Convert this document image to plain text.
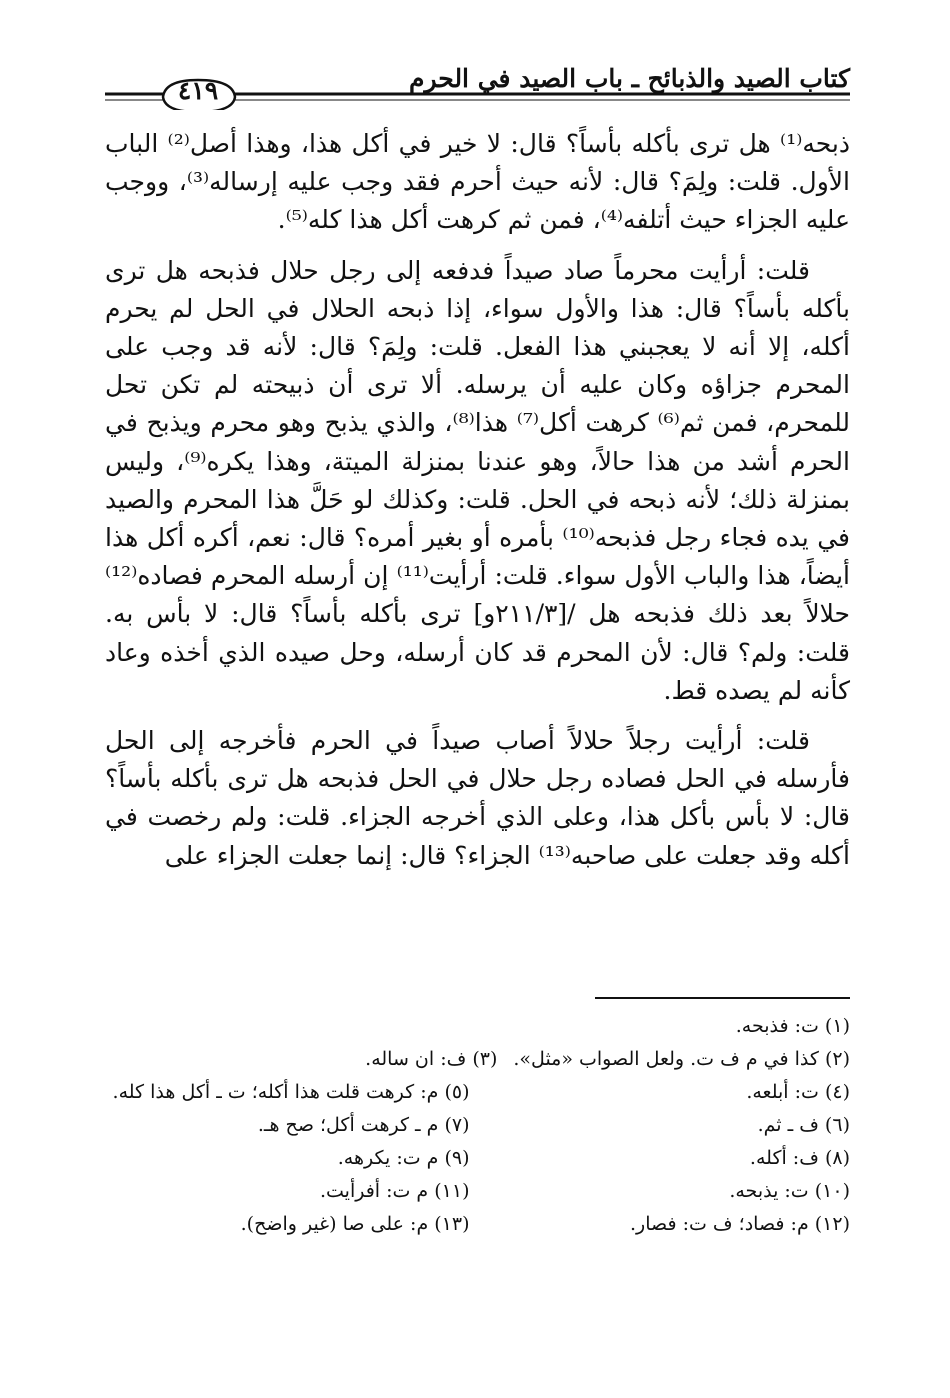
٤١٩	كتاب الصيد والذبائح ـ باب الصيد في الحرم

ذبحه⁽¹⁾ هل ترى بأكله بأساً؟ قال: لا خير في أكل هذا، وهذا أصل⁽²⁾ الباب الأول. قلت: ولِمَ؟ قال: لأنه حيث أحرم فقد وجب عليه إرساله⁽³⁾، ووجب عليه الجزاء حيث أتلفه⁽⁴⁾، فمن ثم كرهت أكل هذا كله⁽⁵⁾.

قلت: أرأيت محرماً صاد صيداً فدفعه إلى رجل حلال فذبحه هل ترى بأكله بأساً؟ قال: هذا والأول سواء، إذا ذبحه الحلال في الحل لم يحرم أكله، إلا أنه لا يعجبني هذا الفعل. قلت: ولِمَ؟ قال: لأنه قد وجب على المحرم جزاؤه وكان عليه أن يرسله. ألا ترى أن ذبيحته لم تكن تحل للمحرم، فمن ثم⁽⁶⁾ كرهت أكل⁽⁷⁾ هذا⁽⁸⁾، والذي يذبح وهو محرم ويذبح في الحرم أشد من هذا حالاً، وهو عندنا بمنزلة الميتة، وهذا يكره⁽⁹⁾، وليس بمنزلة ذلك؛ لأنه ذبحه في الحل. قلت: وكذلك لو حَلَّ هذا المحرم والصيد في يده فجاء رجل فذبحه⁽¹⁰⁾ بأمره أو بغير أمره؟ قال: نعم، أكره أكل هذا أيضاً، هذا والباب الأول سواء. قلت: أرأيت⁽¹¹⁾ إن أرسله المحرم فصاده⁽¹²⁾ حلالاً بعد ذلك فذبحه هل /[٢١١/٣و] ترى بأكله بأساً؟ قال: لا بأس به. قلت: ولم؟ قال: لأن المحرم قد كان أرسله، وحل صيده الذي أخذه وعاد كأنه لم يصده قط.

قلت: أرأيت رجلاً حلالاً أصاب صيداً في الحرم فأخرجه إلى الحل فأرسله في الحل فصاده رجل حلال في الحل فذبحه هل ترى بأكله بأساً؟ قال: لا بأس بأكل هذا، وعلى الذي أخرجه الجزاء. قلت: ولم رخصت في أكله وقد جعلت على صاحبه⁽¹³⁾ الجزاء؟ قال: إنما جعلت الجزاء على

(١) ت: فذبحه.
(٢) كذا في م ف ت. ولعل الصواب «مثل».
(٣) ف: ان ساله.
(٤) ت: أبلعه.
(٥) م: كرهت قلت هذا أكله؛ ت ـ أكل هذا كله.
(٦) ف ـ ثم.
(٧) م ـ كرهت أكل؛ صح هـ.
(٨) ف: أكله.
(٩) م ت: يكرهه.
(١٠) ت: يذبحه.
(١١) م ت: أفرأيت.
(١٢) م: فصاد؛ ف ت: فصار.
(١٣) م: على صا (غير واضح).
